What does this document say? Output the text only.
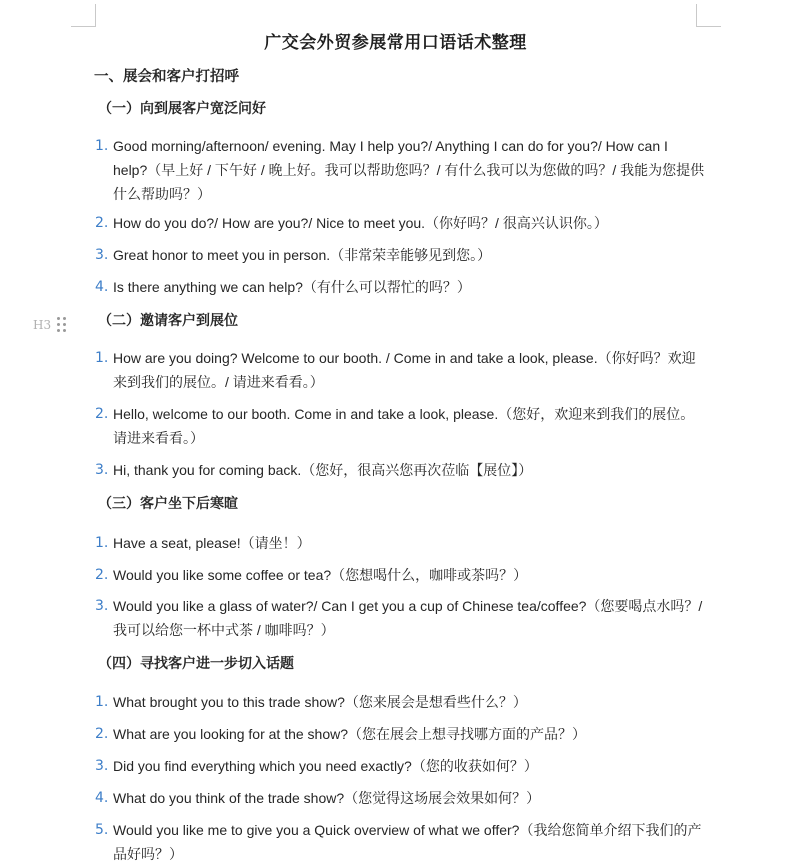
广交会外贸参展常用口语话术整理
一、展会和客户打招呼
（一）向到展客户宽泛问好
1. Good morning/afternoon/ evening. May I help you?/ Anything I can do for you?/ How can I help?（早上好 / 下午好 / 晚上好。我可以帮助您吗？/ 有什么我可以为您做的吗？/ 我能为您提供什么帮助吗？）
2. How do you do?/ How are you?/ Nice to meet you.（你好吗？/ 很高兴认识你。）
3. Great honor to meet you in person.（非常荣幸能够见到您。）
4. Is there anything we can help?（有什么可以帮忙的吗？）
H3	（二）邀请客户到展位
1. How are you doing? Welcome to our booth. / Come in and take a look, please.（你好吗？欢迎来到我们的展位。/ 请进来看看。）
2. Hello, welcome to our booth. Come in and take a look, please.（您好，欢迎来到我们的展位。请进来看看。）
3. Hi, thank you for coming back.（您好，很高兴您再次莅临【展位】）
（三）客户坐下后寒暄
1. Have a seat, please!（请坐！）
2. Would you like some coffee or tea?（您想喝什么，咖啡或茶吗？）
3. Would you like a glass of water?/ Can I get you a cup of Chinese tea/coffee?（您要喝点水吗？/ 我可以给您一杯中式茶 / 咖啡吗？）
（四）寻找客户进一步切入话题
1. What brought you to this trade show?（您来展会是想看些什么？）
2. What are you looking for at the show?（您在展会上想寻找哪方面的产品？）
3. Did you find everything which you need exactly?（您的收获如何？）
4. What do you think of the trade show?（您觉得这场展会效果如何？）
5. Would you like me to give you a Quick overview of what we offer?（我给您简单介绍下我们的产品好吗？）
